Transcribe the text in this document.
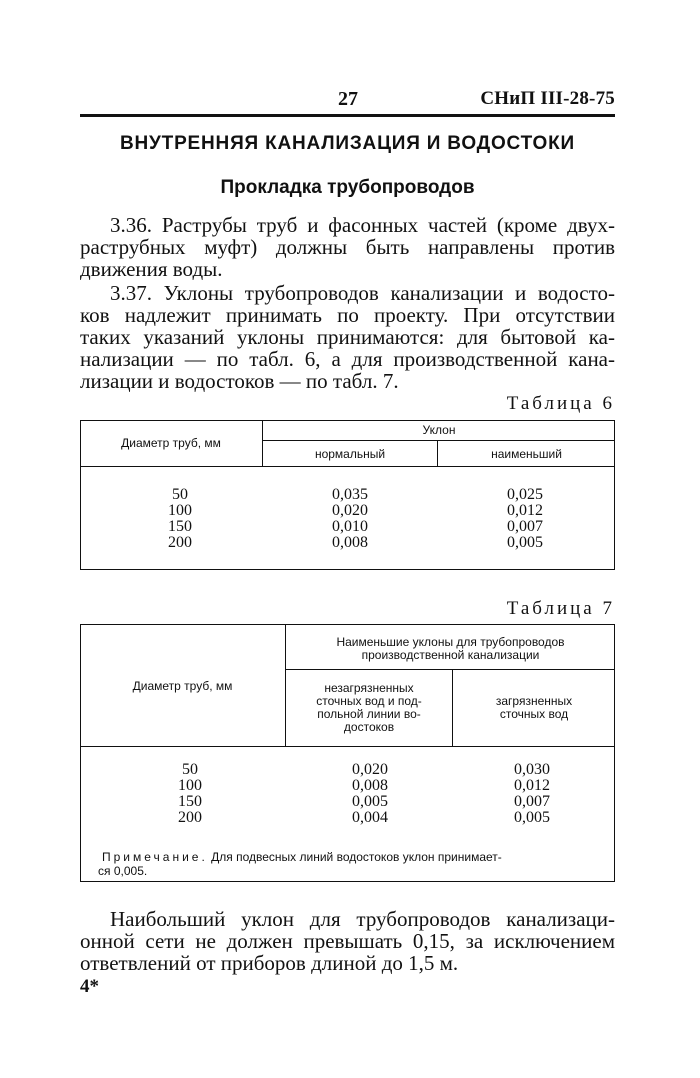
27	СНиП III-28-75
ВНУТРЕННЯЯ КАНАЛИЗАЦИЯ И ВОДОСТОКИ
Прокладка трубопроводов
3.36. Раструбы труб и фасонных частей (кроме двух-
раструбных муфт) должны быть направлены против
движения воды.
3.37. Уклоны трубопроводов канализации и водосто-
ков надлежит принимать по проекту. При отсутствии
таких указаний уклоны принимаются: для бытовой ка-
нализации — по табл. 6, а для производственной кана-
лизации и водостоков — по табл. 7.
Таблица 6
Диаметр труб, мм
Уклон
нормальный	наименьший
50
100
150
200
0,035
0,020
0,010
0,008
0,025
0,012
0,007
0,005
Таблица 7
Диаметр труб, мм
Наименьшие уклоны для трубопроводов
производственной канализации
незагрязненных
сточных вод и под-
польной линии во-
достоков
загрязненных
сточных вод
50
100
150
200
0,020
0,008
0,005
0,004
0,030
0,012
0,007
0,005
Примечание. Для подвесных линий водостоков уклон принимает-
ся 0,005.
Наибольший уклон для трубопроводов канализаци-
онной сети не должен превышать 0,15, за исключением
ответвлений от приборов длиной до 1,5 м.
4*
